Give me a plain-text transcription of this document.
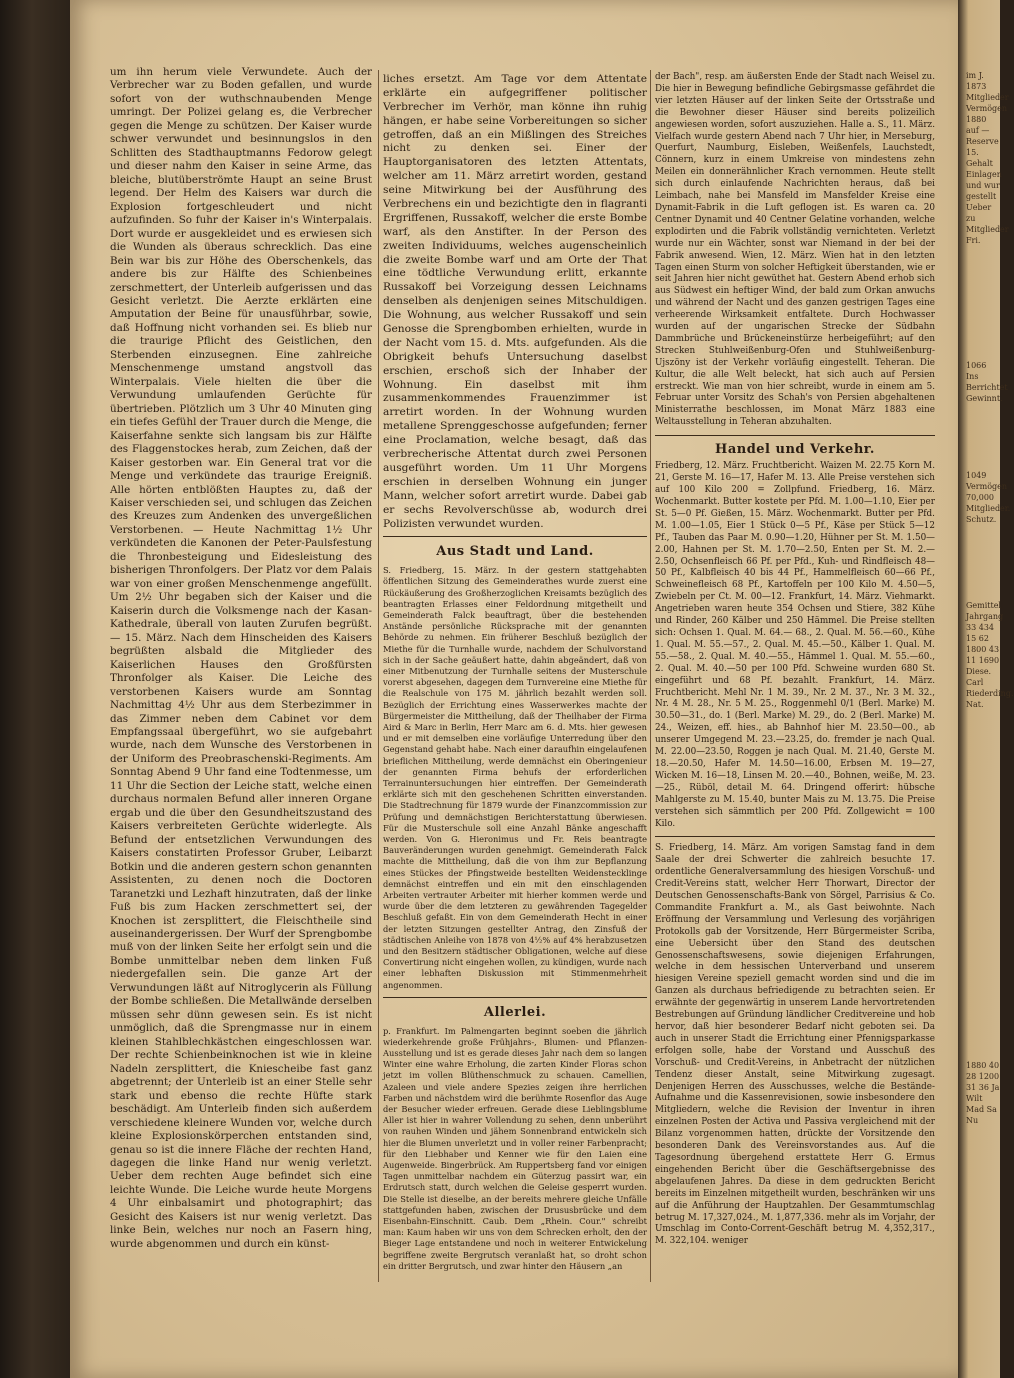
um ihn herum viele Verwundete. Auch der Verbrecher war zu Boden gefallen, und wurde sofort von der wuthschnaubenden Menge umringt. Der Polizei gelang es, die Verbrecher gegen die Menge zu schützen. Der Kaiser wurde schwer verwundet und besinnungslos in den Schlitten des Stadthauptmanns Fedorow gelegt und dieser nahm den Kaiser in seine Arme, das bleiche, blutüberströmte Haupt an seine Brust legend. Der Helm des Kaisers war durch die Explosion fortgeschleudert und nicht aufzufinden. So fuhr der Kaiser in's Winterpalais. Dort wurde er ausgekleidet und es erwiesen sich die Wunden als überaus schrecklich. Das eine Bein war bis zur Höhe des Oberschenkels, das andere bis zur Hälfte des Schienbeines zerschmettert, der Unterleib aufgerissen und das Gesicht verletzt. Die Aerzte erklärten eine Amputation der Beine für unausführbar, sowie, daß Hoffnung nicht vorhanden sei. Es blieb nur die traurige Pflicht des Geistlichen, den Sterbenden einzusegnen. Eine zahlreiche Menschenmenge umstand angstvoll das Winterpalais. Viele hielten die über die Verwundung umlaufenden Gerüchte für übertrieben. Plötzlich um 3 Uhr 40 Minuten ging ein tiefes Gefühl der Trauer durch die Menge, die Kaiserfahne senkte sich langsam bis zur Hälfte des Flaggenstockes herab, zum Zeichen, daß der Kaiser gestorben war. Ein General trat vor die Menge und verkündete das traurige Ereigniß. Alle hörten entblößten Hauptes zu, daß der Kaiser verschieden sei, und schlugen das Zeichen des Kreuzes zum Andenken des unvergeßlichen Verstorbenen. — Heute Nachmittag 1½ Uhr verkündeten die Kanonen der Peter-Paulsfestung die Thronbesteigung und Eidesleistung des bisherigen Thronfolgers. Der Platz vor dem Palais war von einer großen Menschenmenge angefüllt. Um 2½ Uhr begaben sich der Kaiser und die Kaiserin durch die Volksmenge nach der Kasan-Kathedrale, überall von lauten Zurufen begrüßt. — 15. März. Nach dem Hinscheiden des Kaisers begrüßten alsbald die Mitglieder des Kaiserlichen Hauses den Großfürsten Thronfolger als Kaiser. Die Leiche des verstorbenen Kaisers wurde am Sonntag Nachmittag 4½ Uhr aus dem Sterbezimmer in das Zimmer neben dem Cabinet vor dem Empfangssaal übergeführt, wo sie aufgebahrt wurde, nach dem Wunsche des Verstorbenen in der Uniform des Preobraschenski-Regiments. Am Sonntag Abend 9 Uhr fand eine Todtenmesse, um 11 Uhr die Section der Leiche statt, welche einen durchaus normalen Befund aller inneren Organe ergab und die über den Gesundheitszustand des Kaisers verbreiteten Gerüchte widerlegte. Als Befund der entsetzlichen Verwundungen des Kaisers constatirten Professor Gruber, Leibarzt Botkin und die anderen gestern schon genannten Assistenten, zu denen noch die Doctoren Taranetzki und Lezhaft hinzutraten, daß der linke Fuß bis zum Hacken zerschmettert sei, der Knochen ist zersplittert, die Fleischtheile sind auseinandergerissen. Der Wurf der Sprengbombe muß von der linken Seite her erfolgt sein und die Bombe unmittelbar neben dem linken Fuß niedergefallen sein. Die ganze Art der Verwundungen läßt auf Nitroglycerin als Füllung der Bombe schließen. Die Metallwände derselben müssen sehr dünn gewesen sein. Es ist nicht unmöglich, daß die Sprengmasse nur in einem kleinen Stahlblechkästchen eingeschlossen war. Der rechte Schienbeinknochen ist wie in kleine Nadeln zersplittert, die Kniescheibe fast ganz abgetrennt; der Unterleib ist an einer Stelle sehr stark und ebenso die rechte Hüfte stark beschädigt. Am Unterleib finden sich außerdem verschiedene kleinere Wunden vor, welche durch kleine Explosionskörperchen entstanden sind, genau so ist die innere Fläche der rechten Hand, dagegen die linke Hand nur wenig verletzt. Ueber dem rechten Auge befindet sich eine leichte Wunde. Die Leiche wurde heute Morgens 4 Uhr einbalsamirt und photographirt; das Gesicht des Kaisers ist nur wenig verletzt. Das linke Bein, welches nur noch an Fasern hing, wurde abgenommen und durch ein künst-

liches ersetzt. Am Tage vor dem Attentate erklärte ein aufgegriffener politischer Verbrecher im Verhör, man könne ihn ruhig hängen, er habe seine Vorbereitungen so sicher getroffen, daß an ein Mißlingen des Streiches nicht zu denken sei. Einer der Hauptorganisatoren des letzten Attentats, welcher am 11. März arretirt worden, gestand seine Mitwirkung bei der Ausführung des Verbrechens ein und bezichtigte den in flagranti Ergriffenen, Russakoff, welcher die erste Bombe warf, als den Anstifter. In der Person des zweiten Individuums, welches augenscheinlich die zweite Bombe warf und am Orte der That eine tödtliche Verwundung erlitt, erkannte Russakoff bei Vorzeigung dessen Leichnams denselben als denjenigen seines Mitschuldigen. Die Wohnung, aus welcher Russakoff und sein Genosse die Sprengbomben erhielten, wurde in der Nacht vom 15. d. Mts. aufgefunden. Als die Obrigkeit behufs Untersuchung daselbst erschien, erschoß sich der Inhaber der Wohnung. Ein daselbst mit ihm zusammenkommendes Frauenzimmer ist arretirt worden. In der Wohnung wurden metallene Sprenggeschosse aufgefunden; ferner eine Proclamation, welche besagt, daß das verbrecherische Attentat durch zwei Personen ausgeführt worden. Um 11 Uhr Morgens erschien in derselben Wohnung ein junger Mann, welcher sofort arretirt wurde. Dabei gab er sechs Revolverschüsse ab, wodurch drei Polizisten verwundet wurden.

Aus Stadt und Land.

S. Friedberg, 15. März. In der gestern stattgehabten öffentlichen Sitzung des Gemeinderathes wurde zuerst eine Rückäußerung des Großherzoglichen Kreisamts bezüglich des beantragten Erlasses einer Feldordnung mitgetheilt und Gemeinderath Falck beauftragt, über die bestehenden Anstände persönliche Rücksprache mit der genannten Behörde zu nehmen. Ein früherer Beschluß bezüglich der Miethe für die Turnhalle wurde, nachdem der Schulvorstand sich in der Sache geäußert hatte, dahin abgeändert, daß von einer Mitbenutzung der Turnhalle seitens der Musterschule vorerst abgesehen, dagegen dem Turnvereine eine Miethe für die Realschule von 175 M. jährlich bezahlt werden soll. Bezüglich der Errichtung eines Wasserwerkes machte der Bürgermeister die Mittheilung, daß der Theilhaber der Firma Aird & Marc in Berlin, Herr Marc am 6. d. Mts. hier gewesen und er mit demselben eine vorläufige Unterredung über den Gegenstand gehabt habe. Nach einer daraufhin eingelaufenen brieflichen Mittheilung, werde demnächst ein Oberingenieur der genannten Firma behufs der erforderlichen Terrainuntersuchungen hier eintreffen. Der Gemeinderath erklärte sich mit den geschehenen Schritten einverstanden. Die Stadtrechnung für 1879 wurde der Finanzcommission zur Prüfung und demnächstigen Berichterstattung überwiesen. Für die Musterschule soll eine Anzahl Bänke angeschafft werden. Von G. Hieronimus und Fr. Reis beantragte Bauveränderungen wurden genehmigt. Gemeinderath Falck machte die Mittheilung, daß die von ihm zur Bepflanzung eines Stückes der Pfingstweide bestellten Weidenstecklinge demnächst eintreffen und ein mit den einschlagenden Arbeiten vertrauter Arbeiter mit hierher kommen werde und wurde über die dem letzteren zu gewährenden Tagegelder Beschluß gefaßt. Ein von dem Gemeinderath Hecht in einer der letzten Sitzungen gestellter Antrag, den Zinsfuß der städtischen Anleihe von 1878 von 4½% auf 4% herabzusetzen und den Besitzern städtischer Obligationen, welche auf diese Convertirung nicht eingehen wollen, zu kündigen, wurde nach einer lebhaften Diskussion mit Stimmenmehrheit angenommen.

Allerlei.

p. Frankfurt. Im Palmengarten beginnt soeben die jährlich wiederkehrende große Frühjahrs-, Blumen- und Pflanzen-Ausstellung und ist es gerade dieses Jahr nach dem so langen Winter eine wahre Erholung, die zarten Kinder Floras schon jetzt im vollen Blüthenschmuck zu schauen. Camellien, Azaleen und viele andere Spezies zeigen ihre herrlichen Farben und nächstdem wird die berühmte Rosenflor das Auge der Besucher wieder erfreuen. Gerade diese Lieblingsblume Aller ist hier in wahrer Vollendung zu sehen, denn unberührt von rauhen Winden und jähem Sonnenbrand entwickeln sich hier die Blumen unverletzt und in voller reiner Farbenpracht; für den Liebhaber und Kenner wie für den Laien eine Augenweide. Bingerbrück. Am Ruppertsberg fand vor einigen Tagen unmittelbar nachdem ein Güterzug passirt war, ein Erdrutsch statt, durch welchen die Geleise gesperrt wurden. Die Stelle ist dieselbe, an der bereits mehrere gleiche Unfälle stattgefunden haben, zwischen der Drususbrücke und dem Eisenbahn-Einschnitt. Caub. Dem „Rhein. Cour." schreibt man: Kaum haben wir uns von dem Schrecken erholt, den der Bieger Lage entstandene und noch in weiterer Entwickelung begriffene zweite Bergrutsch veranlaßt hat, so droht schon ein dritter Bergrutsch, und zwar hinter den Häusern „an

der Bach", resp. am äußersten Ende der Stadt nach Weisel zu. Die hier in Bewegung befindliche Gebirgsmasse gefährdet die vier letzten Häuser auf der linken Seite der Ortsstraße und die Bewohner dieser Häuser sind bereits polizeilich angewiesen worden, sofort auszuziehen. Halle a. S., 11. März. Vielfach wurde gestern Abend nach 7 Uhr hier, in Merseburg, Querfurt, Naumburg, Eisleben, Weißenfels, Lauchstedt, Cönnern, kurz in einem Umkreise von mindestens zehn Meilen ein donnerähnlicher Krach vernommen. Heute stellt sich durch einlaufende Nachrichten heraus, daß bei Leimbach, nahe bei Mansfeld im Mansfelder Kreise eine Dynamit-Fabrik in die Luft geflogen ist. Es waren ca. 20 Centner Dynamit und 40 Centner Gelatine vorhanden, welche explodirten und die Fabrik vollständig vernichteten. Verletzt wurde nur ein Wächter, sonst war Niemand in der bei der Fabrik anwesend. Wien, 12. März. Wien hat in den letzten Tagen einen Sturm von solcher Heftigkeit überstanden, wie er seit Jahren hier nicht gewüthet hat. Gestern Abend erhob sich aus Südwest ein heftiger Wind, der bald zum Orkan anwuchs und während der Nacht und des ganzen gestrigen Tages eine verheerende Wirksamkeit entfaltete. Durch Hochwasser wurden auf der ungarischen Strecke der Südbahn Dammbrüche und Brückeneinstürze herbeigeführt; auf den Strecken Stuhlweißenburg-Ofen und Stuhlweißenburg-Ujszöny ist der Verkehr vorläufig eingestellt. Teheran. Die Kultur, die alle Welt beleckt, hat sich auch auf Persien erstreckt. Wie man von hier schreibt, wurde in einem am 5. Februar unter Vorsitz des Schah's von Persien abgehaltenen Ministerrathe beschlossen, im Monat März 1883 eine Weltausstellung in Teheran abzuhalten.

Handel und Verkehr.

Friedberg, 12. März. Fruchtbericht. Waizen M. 22.75 Korn M. 21, Gerste M. 16—17, Hafer M. 13. Alle Preise verstehen sich auf 100 Kilo 200 = Zollpfund. Friedberg, 16. März. Wochenmarkt. Butter kostete per Pfd. M. 1.00—1.10, Eier per St. 5—0 Pf. Gießen, 15. März. Wochenmarkt. Butter per Pfd. M. 1.00—1.05, Eier 1 Stück 0—5 Pf., Käse per Stück 5—12 Pf., Tauben das Paar M. 0.90—1.20, Hühner per St. M. 1.50—2.00, Hahnen per St. M. 1.70—2.50, Enten per St. M. 2.—2.50, Ochsenfleisch 66 Pf. per Pfd., Kuh- und Rindfleisch 48—50 Pf., Kalbfleisch 40 bis 44 Pf., Hammelfleisch 60—66 Pf., Schweinefleisch 68 Pf., Kartoffeln per 100 Kilo M. 4.50—5, Zwiebeln per Ct. M. 00—12. Frankfurt, 14. März. Viehmarkt. Angetrieben waren heute 354 Ochsen und Stiere, 382 Kühe und Rinder, 260 Kälber und 250 Hämmel. Die Preise stellten sich: Ochsen 1. Qual. M. 64.— 68., 2. Qual. M. 56.—60., Kühe 1. Qual. M. 55.—57., 2. Qual. M. 45.—50., Kälber 1. Qual. M. 55.—58., 2. Qual. M. 40.—55., Hämmel 1. Qual. M. 55.—60., 2. Qual. M. 40.—50 per 100 Pfd. Schweine wurden 680 St. eingeführt und 68 Pf. bezahlt. Frankfurt, 14. März. Fruchtbericht. Mehl Nr. 1 M. 39., Nr. 2 M. 37., Nr. 3 M. 32., Nr. 4 M. 28., Nr. 5 M. 25., Roggenmehl 0/1 (Berl. Marke) M. 30.50—31., do. 1 (Berl. Marke) M. 29., do. 2 (Berl. Marke) M. 24., Weizen, eff. hies., ab Bahnhof hier M. 23.50—00., ab unserer Umgegend M. 23.—23.25, do. fremder je nach Qual. M. 22.00—23.50, Roggen je nach Qual. M. 21.40, Gerste M. 18.—20.50, Hafer M. 14.50—16.00, Erbsen M. 19—27, Wicken M. 16—18, Linsen M. 20.—40., Bohnen, weiße, M. 23.—25., Rüböl, detail M. 64. Dringend offerirt: hübsche Mahlgerste zu M. 15.40, bunter Mais zu M. 13.75. Die Preise verstehen sich sämmtlich per 200 Pfd. Zollgewicht = 100 Kilo.

S. Friedberg, 14. März. Am vorigen Samstag fand in dem Saale der drei Schwerter die zahlreich besuchte 17. ordentliche Generalversammlung des hiesigen Vorschuß- und Credit-Vereins statt, welcher Herr Thorwart, Director der Deutschen Genossenschafts-Bank von Sörgel, Parrisius & Co. Commandite Frankfurt a. M., als Gast beiwohnte. Nach Eröffnung der Versammlung und Verlesung des vorjährigen Protokolls gab der Vorsitzende, Herr Bürgermeister Scriba, eine Uebersicht über den Stand des deutschen Genossenschaftswesens, sowie diejenigen Erfahrungen, welche in dem hessischen Unterverband und unserem hiesigen Vereine speziell gemacht worden sind und die im Ganzen als durchaus befriedigende zu betrachten seien. Er erwähnte der gegenwärtig in unserem Lande hervortretenden Bestrebungen auf Gründung ländlicher Creditvereine und hob hervor, daß hier besonderer Bedarf nicht geboten sei. Da auch in unserer Stadt die Errichtung einer Pfennigsparkasse erfolgen solle, habe der Vorstand und Ausschuß des Vorschuß- und Credit-Vereins, in Anbetracht der nützlichen Tendenz dieser Anstalt, seine Mitwirkung zugesagt. Denjenigen Herren des Ausschusses, welche die Bestände-Aufnahme und die Kassenrevisionen, sowie insbesondere den Mitgliedern, welche die Revision der Inventur in ihren einzelnen Posten der Activa und Passiva vergleichend mit der Bilanz vorgenommen hatten, drückte der Vorsitzende den besonderen Dank des Vereinsvorstandes aus. Auf die Tagesordnung übergehend erstattete Herr G. Ermus eingehenden Bericht über die Geschäftsergebnisse des abgelaufenen Jahres. Da diese in dem gedruckten Bericht bereits im Einzelnen mitgetheilt wurden, beschränken wir uns auf die Anführung der Hauptzahlen. Der Gesammtumschlag betrug M. 17,327,024., M. 1,877,336. mehr als im Vorjahr, der Umschlag im Conto-Corrent-Geschäft betrug M. 4,352,317., M. 322,104. weniger

im J. 1873 Mitglieder Vermögen 1880 auf — Reserve 15. Gehalt Einlagen und wur gestellt Ueber zu Mitglieder Fri.
1066 Ins Berrichtet Gewinnt.
1049 Vermögen 70,000 Mitglieder. Schutz.
Gemittel Jahrgang 33 434 15 62 1800 43 11 1690 Diese. Carl Riederding. Nat.
1880 40 28 1200 31 36 Ja Wilt Mad Sa Nu
